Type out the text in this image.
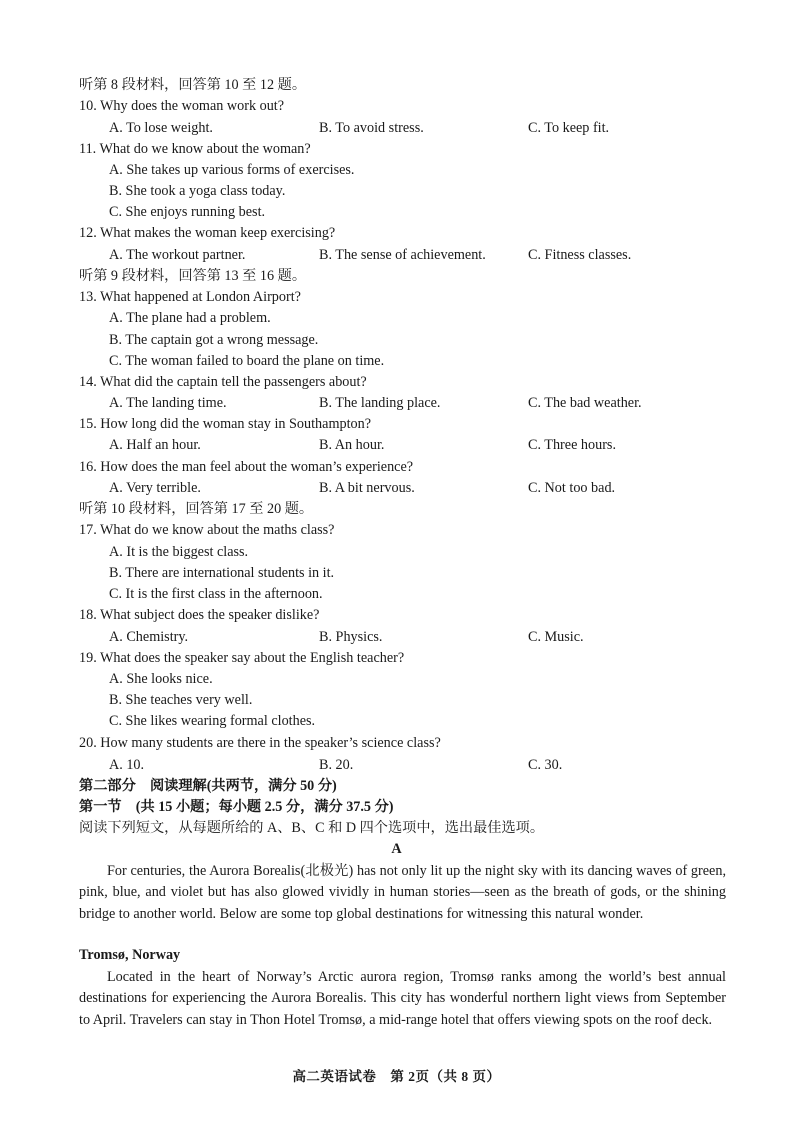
听第 8 段材料，回答第 10 至 12 题。
10. Why does the woman work out?
A. To lose weight.	B. To avoid stress.	C. To keep fit.
11. What do we know about the woman?
A. She takes up various forms of exercises.
B. She took a yoga class today.
C. She enjoys running best.
12. What makes the woman keep exercising?
A. The workout partner.	B. The sense of achievement.	C. Fitness classes.
听第 9 段材料，回答第 13 至 16 题。
13. What happened at London Airport?
A. The plane had a problem.
B. The captain got a wrong message.
C. The woman failed to board the plane on time.
14. What did the captain tell the passengers about?
A. The landing time.	B. The landing place.	C. The bad weather.
15. How long did the woman stay in Southampton?
A. Half an hour.	B. An hour.	C. Three hours.
16. How does the man feel about the woman’s experience?
A. Very terrible.	B. A bit nervous.	C. Not too bad.
听第 10 段材料，回答第 17 至 20 题。
17. What do we know about the maths class?
A. It is the biggest class.
B. There are international students in it.
C. It is the first class in the afternoon.
18. What subject does the speaker dislike?
A. Chemistry.	B. Physics.	C. Music.
19. What does the speaker say about the English teacher?
A. She looks nice.
B. She teaches very well.
C. She likes wearing formal clothes.
20. How many students are there in the speaker’s science class?
A. 10.	B. 20.	C. 30.
第二部分　阅读理解(共两节，满分 50 分)
第一节　(共 15 小题；每小题 2.5 分，满分 37.5 分)
阅读下列短文，从每题所给的 A、B、C 和 D 四个选项中，选出最佳选项。
A
For centuries, the Aurora Borealis(北极光) has not only lit up the night sky with its dancing waves of green, pink, blue, and violet but has also glowed vividly in human stories—seen as the breath of gods, or the shining bridge to another world. Below are some top global destinations for witnessing this natural wonder.
Tromsø, Norway
Located in the heart of Norway’s Arctic aurora region, Tromsø ranks among the world’s best annual destinations for experiencing the Aurora Borealis. This city has wonderful northern light views from September to April. Travelers can stay in Thon Hotel Tromsø, a mid-range hotel that offers viewing spots on the roof deck.
高二英语试卷　第 2页（共 8 页）
